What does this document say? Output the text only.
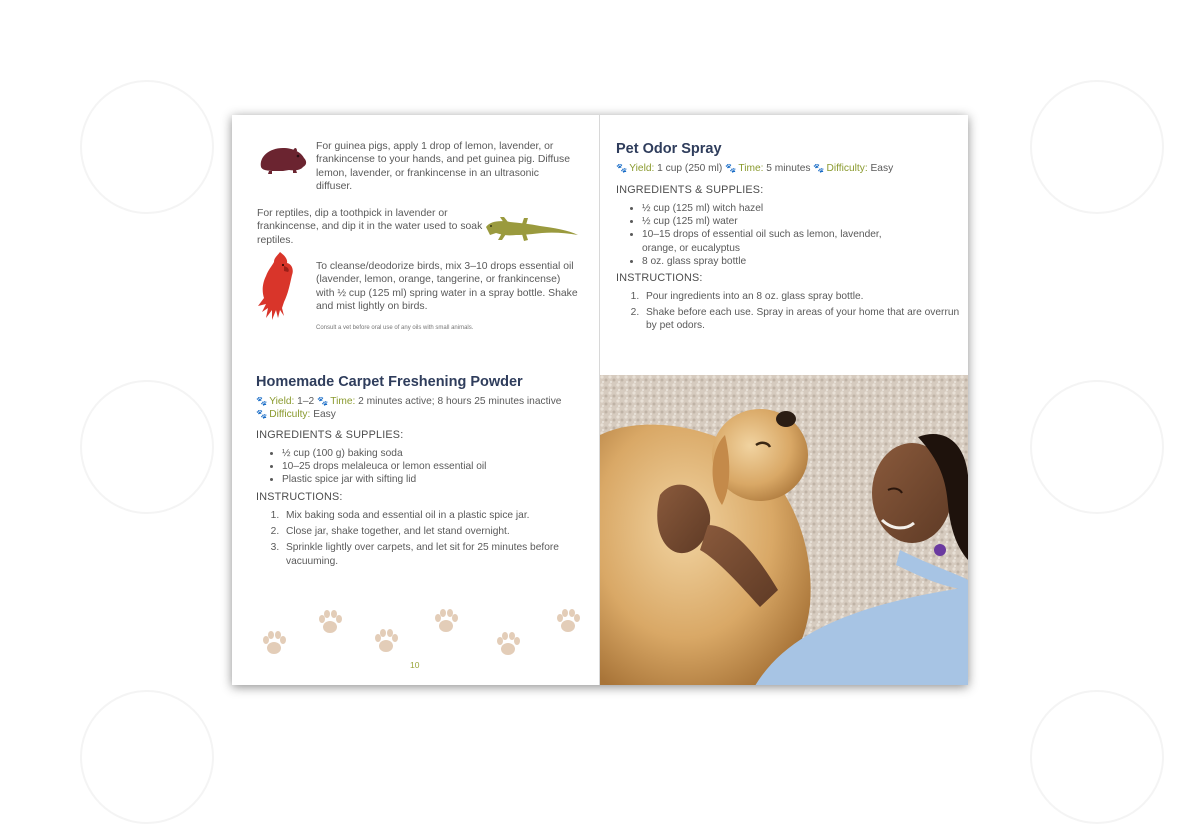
For guinea pigs, apply 1 drop of lemon, lavender, or frankincense to your hands, and pet guinea pig. Diffuse lemon, lavender, or frankincense in an ultrasonic diffuser.
For reptiles, dip a toothpick in lavender or frankincense, and dip it in the water used to soak reptiles.
To cleanse/deodorize birds, mix 3–10 drops essential oil (lavender, lemon, orange, tangerine, or frankincense) with ½ cup (125 ml) spring water in a spray bottle. Shake and mist lightly on birds.
Consult a vet before oral use of any oils with small animals.
Homemade Carpet Freshening Powder
🐾 Yield: 1–2 🐾 Time: 2 minutes active; 8 hours 25 minutes inactive
🐾 Difficulty: Easy
INGREDIENTS & SUPPLIES:
• ½ cup (100 g) baking soda
• 10–25 drops melaleuca or lemon essential oil
• Plastic spice jar with sifting lid
INSTRUCTIONS:
1. Mix baking soda and essential oil in a plastic spice jar.
2. Close jar, shake together, and let stand overnight.
3. Sprinkle lightly over carpets, and let sit for 25 minutes before vacuuming.
10
Pet Odor Spray
🐾 Yield: 1 cup (250 ml) 🐾 Time: 5 minutes 🐾 Difficulty: Easy
INGREDIENTS & SUPPLIES:
• ½ cup (125 ml) witch hazel
• ½ cup (125 ml) water
• 10–15 drops of essential oil such as lemon, lavender, orange, or eucalyptus
• 8 oz. glass spray bottle
INSTRUCTIONS:
1. Pour ingredients into an 8 oz. glass spray bottle.
2. Shake before each use. Spray in areas of your home that are overrun by pet odors.
